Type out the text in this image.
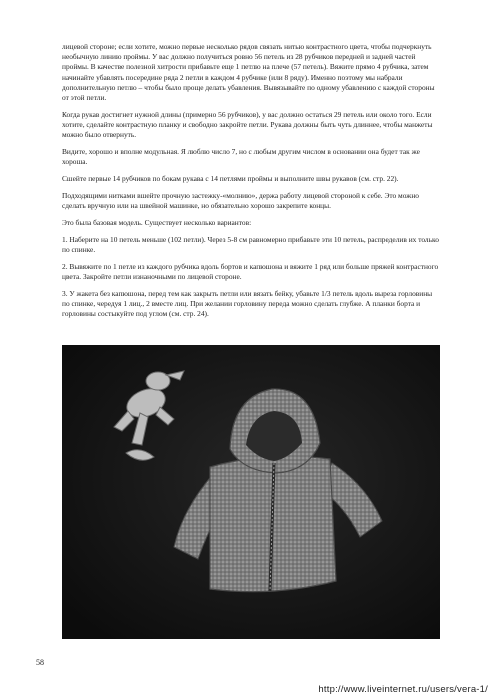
лицевой стороне; если хотите, можно первые несколько рядов связать нитью контрастного цвета, чтобы подчеркнуть необычную линию проймы. У вас должно получиться ровно 56 петель из 28 рубчиков передней и задней частей проймы. В качестве полезной хитрости прибавьте еще 1 петлю на плече (57 петель). Вяжите прямо 4 рубчика, затем начинайте убавлять посередине ряда 2 петли в каждом 4 рубчике (или 8 ряду). Именно поэтому мы набрали дополнительную петлю – чтобы было проще делать убавления. Вывязывайте по одному убавлению с каждой стороны от этой петли.

Когда рукав достигнет нужной длины (примерно 56 рубчиков), у вас должно остаться 29 петель или около того. Если хотите, сделайте контрастную планку и свободно закройте петли. Рукава должны быть чуть длиннее, чтобы манжеты можно было отвернуть.

Видите, хорошо и вполне модульная. Я люблю число 7, но с любым другим числом в основании она будет так же хороша.

Сшейте первые 14 рубчиков по бокам рукава с 14 петлями проймы и выполните швы рукавов (см. стр. 22).

Подходящими нитками вшейте прочную застежку-«молнию», держа работу лицевой стороной к себе. Это можно сделать вручную или на швейной машинке, но обязательно хорошо закрепите концы.

Это была базовая модель. Существует несколько вариантов:

1. Наберите на 10 петель меньше (102 петли). Через 5-8 см равномерно прибавьте эти 10 петель, распределив их только по спинке.

2. Вывяжите по 1 петле из каждого рубчика вдоль бортов и капюшона и вяжите 1 ряд или больше пряжей контрастного цвета. Закройте петли изнаночными по лицевой стороне.

3. У жакета без капюшона, перед тем как закрыть петли или вязать бейку, убавьте 1/3 петель вдоль выреза горловины по спинке, чередуя 1 лиц., 2 вместе лиц. При желании горловину переда можно сделать глубже. А планки борта и горловины состыкуйте под углом (см. стр. 24).

58
http://www.liveinternet.ru/users/vera-1/
